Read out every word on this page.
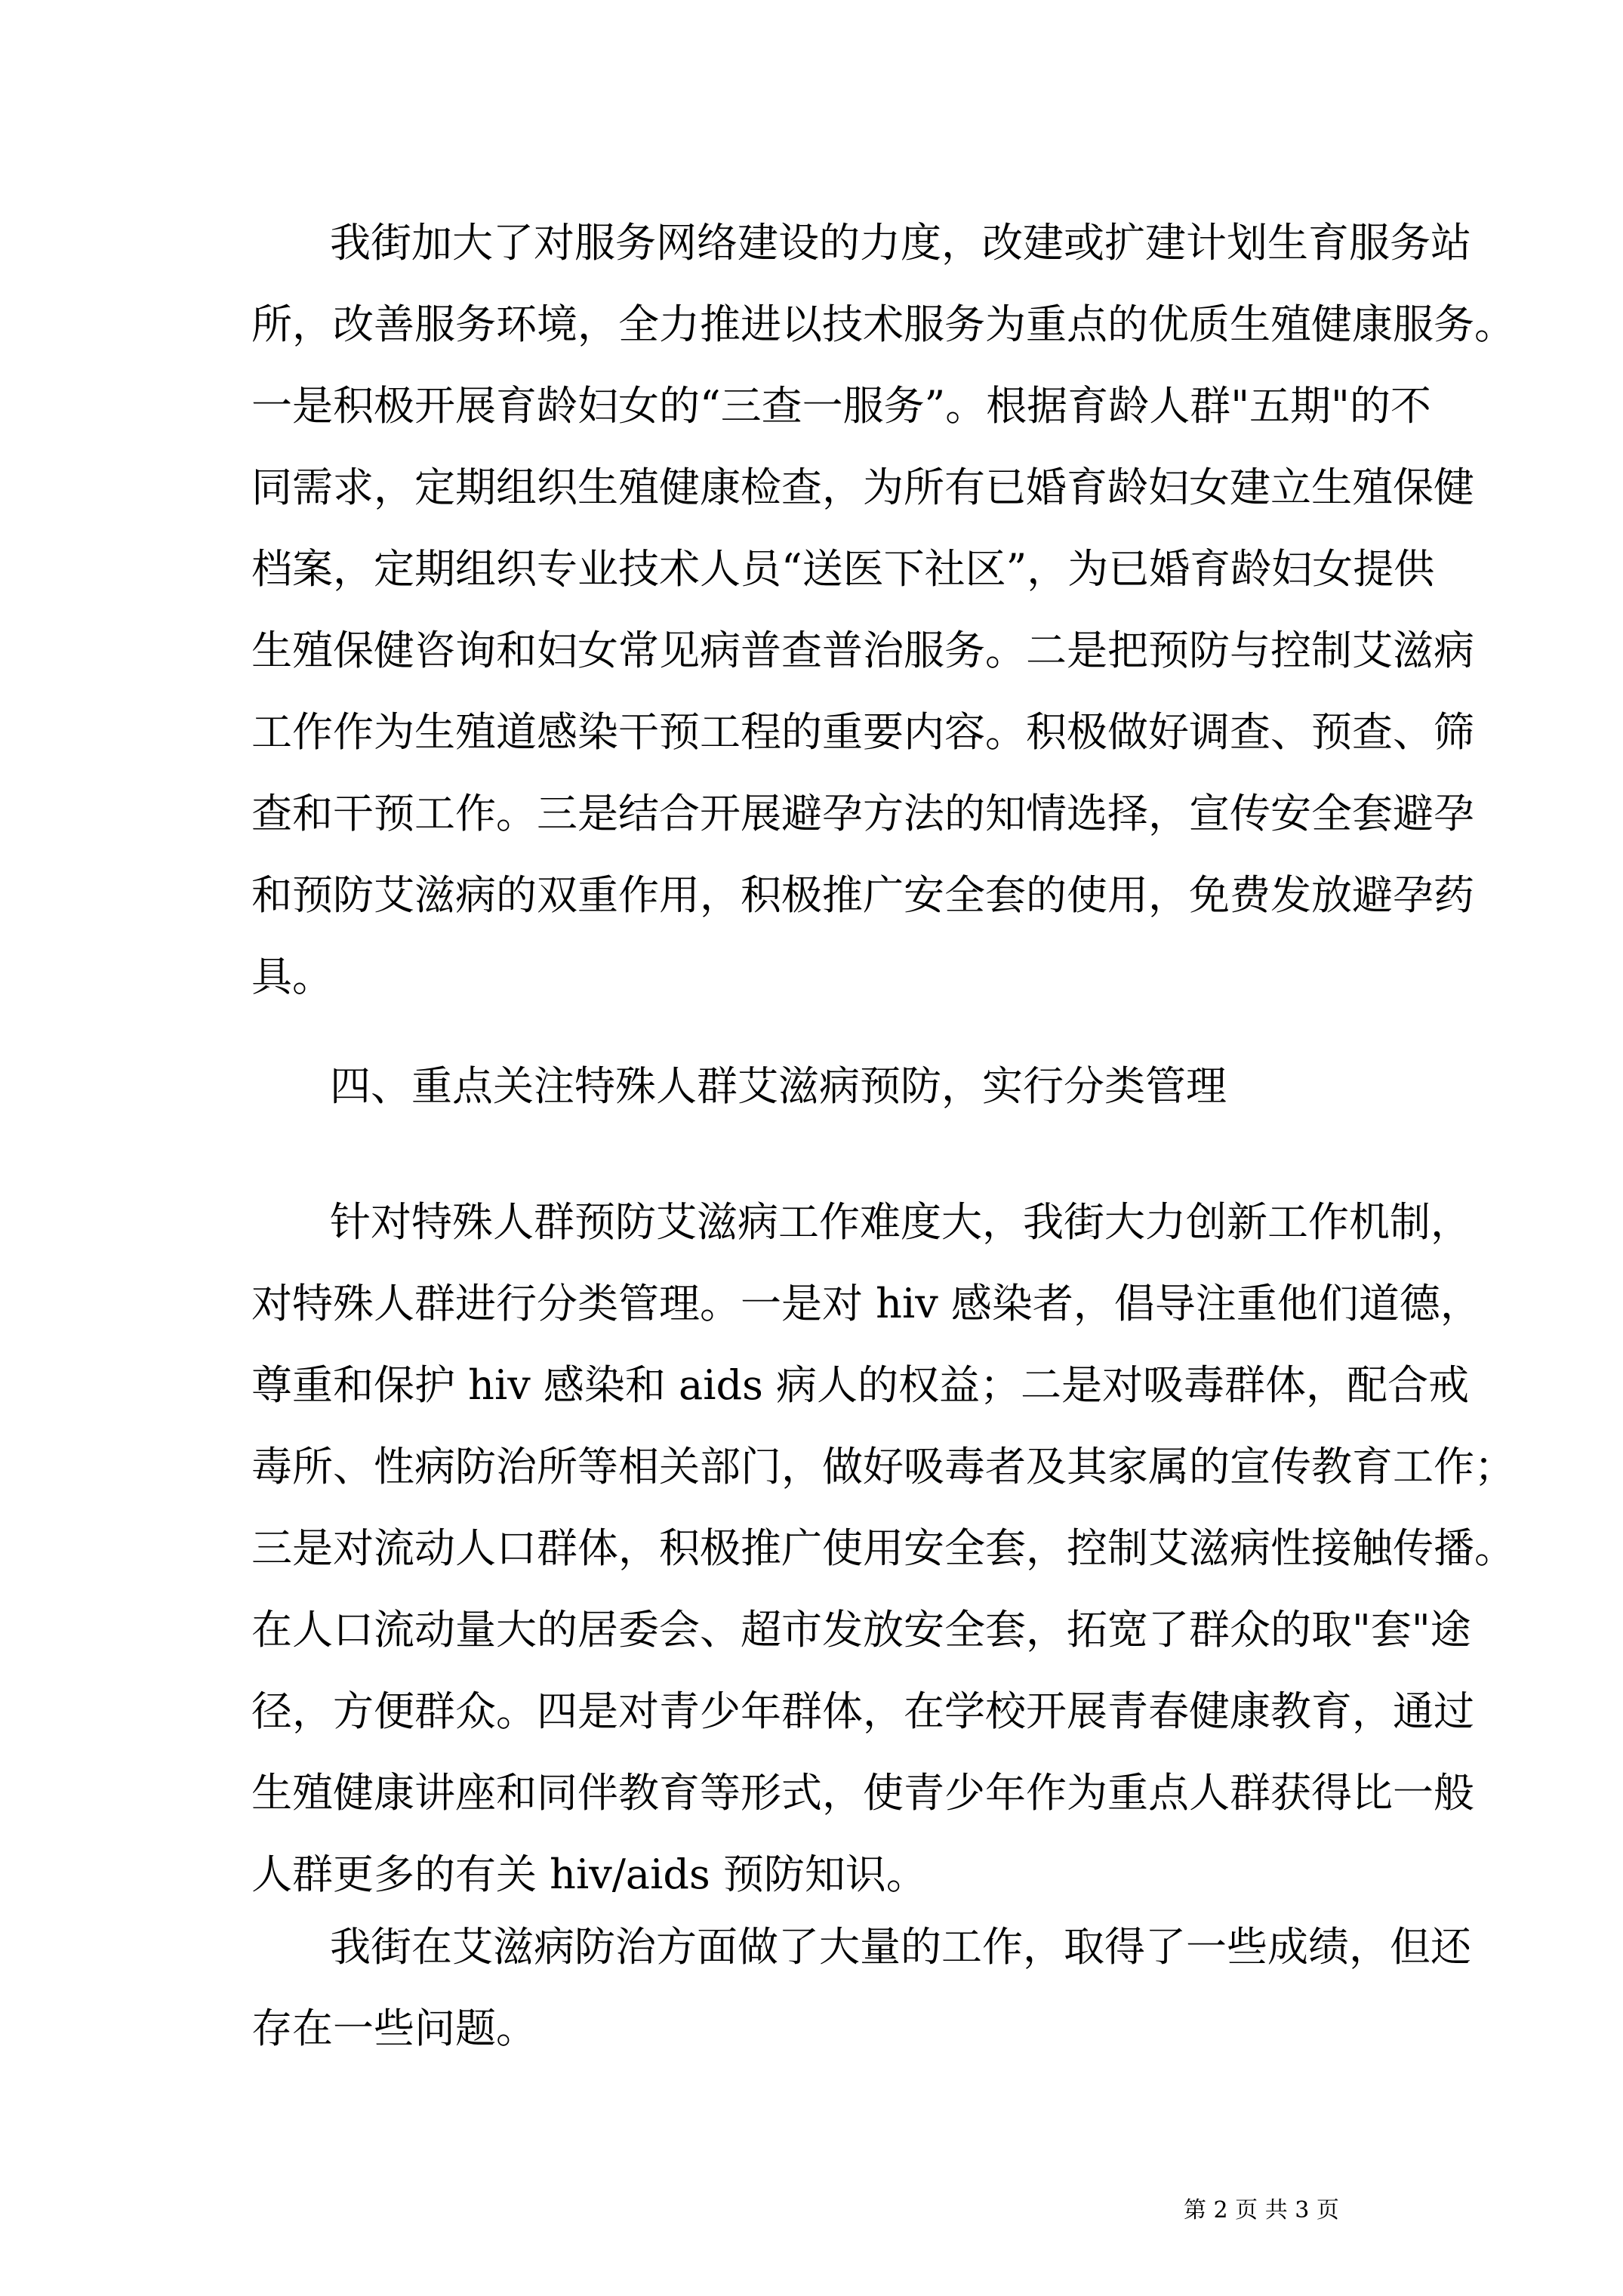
我街加大了对服务网络建设的力度，改建或扩建计划生育服务站
所，改善服务环境，全力推进以技术服务为重点的优质生殖健康服务。
一是积极开展育龄妇女的“三查一服务”。根据育龄人群"五期"的不
同需求，定期组织生殖健康检查，为所有已婚育龄妇女建立生殖保健
档案，定期组织专业技术人员“送医下社区”，为已婚育龄妇女提供
生殖保健咨询和妇女常见病普查普治服务。二是把预防与控制艾滋病
工作作为生殖道感染干预工程的重要内容。积极做好调查、预查、筛
查和干预工作。三是结合开展避孕方法的知情选择，宣传安全套避孕
和预防艾滋病的双重作用，积极推广安全套的使用，免费发放避孕药
具。
四、重点关注特殊人群艾滋病预防，实行分类管理
针对特殊人群预防艾滋病工作难度大，我街大力创新工作机制，
对特殊人群进行分类管理。一是对 hiv 感染者，倡导注重他们道德，
尊重和保护 hiv 感染和 aids 病人的权益；二是对吸毒群体，配合戒
毒所、性病防治所等相关部门，做好吸毒者及其家属的宣传教育工作；
三是对流动人口群体，积极推广使用安全套，控制艾滋病性接触传播。
在人口流动量大的居委会、超市发放安全套，拓宽了群众的取"套"途
径，方便群众。四是对青少年群体，在学校开展青春健康教育，通过
生殖健康讲座和同伴教育等形式，使青少年作为重点人群获得比一般
人群更多的有关 hiv/aids 预防知识。
我街在艾滋病防治方面做了大量的工作，取得了一些成绩，但还
存在一些问题。
第 2 页 共 3 页
